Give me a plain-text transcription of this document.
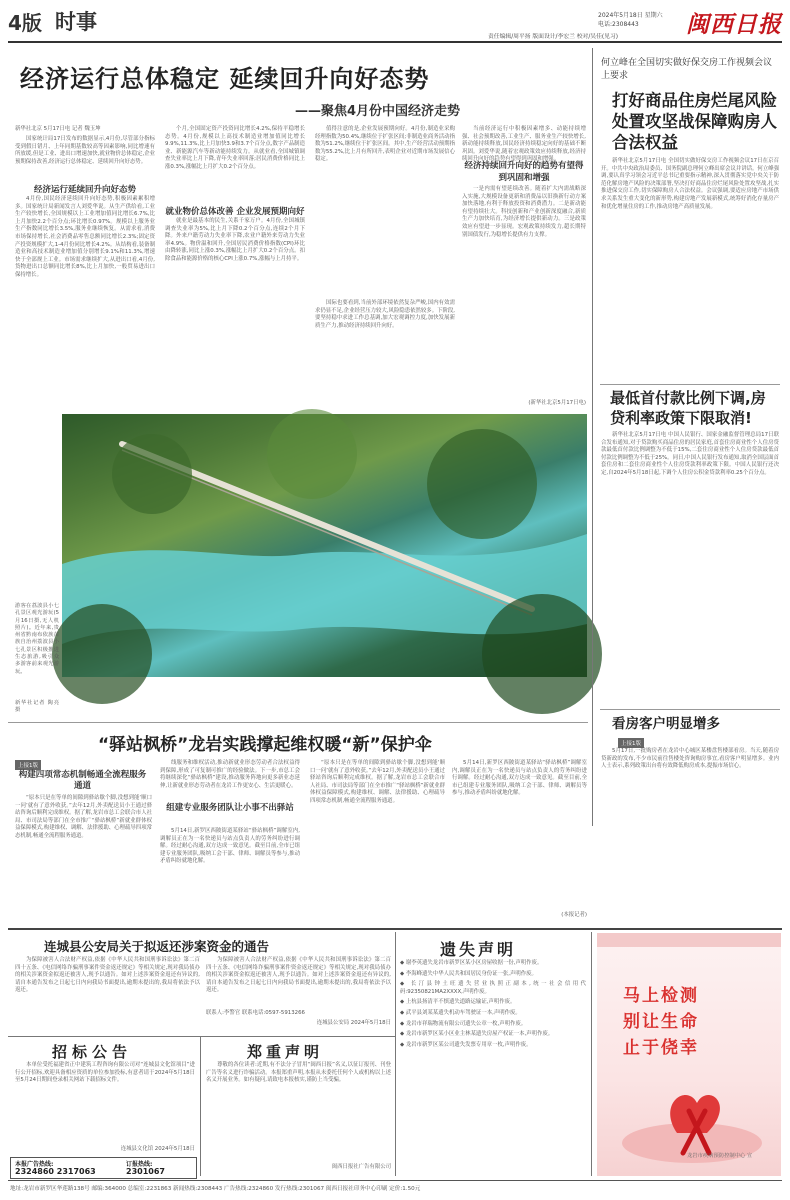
4版 时事	2024年5月18日 星期六
电话:2308443
责任编辑/周平扬 版面设计/李宏兰 校对/吴佳(见习)	闽西日报
经济运行总体稳定 延续回升向好态势
——聚焦4月份中国经济走势
新华社北京 5月17日电 记者 魏玉坤

国家统计局17日发布的数据显示,4月份,尽管部分指标受到假日错月、上年同期基数较高等因素影响,同比增速有所放缓,但是工业、进出口增速加快,就业物价总体稳定,企业预期保持改善,经济运行总体稳定、延续回升向好态势。

经济运行延续回升向好态势

4月份,国民经济延续回升向好态势,积极因素累积增多。国家统计局新闻发言人刘爱华说。从生产供给看,工业生产较快增长,全国规模以上工业增加值同比增长6.7%,比上月加快2.2个百分点;环比增长0.97%。规模以上服务业生产指数同比增长3.5%,服务业继续恢复。从需求看,消费市场保持增长,社会消费品零售总额同比增长2.3%;固定资产投资规模扩大,1-4月份同比增长4.2%。从结构看,装备制造业和高技术制造业增加值分别增长9.1%和11.3%,增速快于全部规上工业。市场需求继续扩大,从进出口看,4月份,货物进出口总额同比增长8%,比上月加快,一般贸易进出口保持增长。

个月,全国固定资产投资同比增长4.2%,保持平稳增长态势。4月份,规模以上高技术制造业增加值同比增长9.9%,11.3%,比上月加快3.9和3.7个百分点,数字产品制造业、新能源汽车等新动能持续发力。从就业看,全国城镇调查失业率比上月下降,青年失业率回落;居民消费价格同比上涨0.3%,涨幅比上月扩大0.2个百分点。

就业物价总体改善 企业发展预期向好

就业是最基本的民生,关系千家万户。4月份,全国城镇调查失业率为5%,比上月下降0.2个百分点,连续2个月下降。外来户籍劳动力失业率下降,农业户籍外来劳动力失业率4.9%。物价温和回升,全国居民消费价格指数(CPI)环比由降转涨,同比上涨0.3%,涨幅比上月扩大0.2个百分点。扣除食品和能源价格的核心CPI上涨0.7%,涨幅与上月持平。

值得注意的是,企业发展预期向好。4月份,制造业采购经理指数为50.4%,继续位于扩张区间;非制造业商务活动指数为51.2%,继续位于扩张区间。其中,生产经营活动预期指数为55.2%,比上月有所回升,表明企业对近期市场发展信心稳定。

国际也要看到,当前外部环境依然复杂严峻,国内有效需求仍显不足,企业经营压力较大,风险隐患依然较多。下阶段,要坚持稳中求进工作总基调,加大宏观调控力度,加快发展新质生产力,推动经济持续回升向好。

当前经济运行中积极因素增多、动能持续增强、社会预期改善,工业生产、服务业生产较快增长,新动能持续释放,国民经济持续稳定向好的基础不断巩固。刘爱华说,随着宏观政策效应持续释放,经济持续回升向好的趋势有望得到巩固和增强。

经济持续回升向好的趋势有望得到巩固和增强

一是内需有望延续改善。随着扩大内需战略深入实施,大规模设备更新和消费品以旧换新行动方案加快落地,有利于释放投资和消费潜力。二是新动能有望持续壮大。科技创新和产业创新深度融合,新质生产力加快培育,为经济增长提供新动力。三是政策效应有望进一步显现。宏观政策持续发力,超长期特别国债发行,为稳增长提供有力支撑。

(新华社北京5月17日电)
游客在荔波县小七孔景区观光游玩(5月16日摄,无人机照片)。近年来,贵州省黔南布依族苗族自治州荔波县小七孔景区积极推进生态旅游,吸引众多游客前来观光游玩。
新华社记者 陶亮 摄
何立峰在全国切实做好保交房工作视频会议上要求
打好商品住房烂尾风险处置攻坚战保障购房人合法权益

新华社北京5月17日电 全国切实做好保交房工作视频会议17日在京召开。中共中央政治局委员、国务院副总理何立峰出席会议并讲话。何立峰强调,要认真学习领会习近平总书记重要指示精神,深入贯彻落实党中央关于防范化解房地产风险的决策部署,坚决打好商品住房烂尾风险处置攻坚战,扎实推进保交房工作,切实保障购房人合法权益。会议强调,要适应房地产市场供求关系发生重大变化的新形势,构建房地产发展新模式,统筹好消化存量房产和优化增量住房的工作,推动房地产高质量发展。

最低首付款比例下调,房贷利率政策下限取消!

新华社北京5月17日电 中国人民银行、国家金融监督管理总局17日联合发布通知,对于贷款购买商品住房的居民家庭,首套住房商业性个人住房贷款最低首付款比例调整为不低于15%,二套住房商业性个人住房贷款最低首付款比例调整为不低于25%。同日,中国人民银行发布通知,取消全国层面首套住房和二套住房商业性个人住房贷款利率政策下限。中国人民银行还决定,自2024年5月18日起,下调个人住房公积金贷款利率0.25个百分点。

看房客户明显增多
上接1版

5月17日,一批购房者在龙岩中心城区某楼盘售楼部看房。当天,随着房贷新政的发布,不少市民前往售楼处咨询购房事宜,看房客户明显增多。业内人士表示,系列政策出台将有效降低购房成本,提振市场信心。

“驿站枫桥”龙岩实践撑起维权暖“新”保护伞
上接1版
构建四项常态机制畅通全流程服务通道

“原本只是在等单的间隙到驿站歇个脚,没想到能‘顺口一问’就有了意外收获。”去年12月,外卖配送员小王通过驿站咨询后顺利完成维权。据了解,龙岩市总工会联合市人社局、市司法局等部门在全市推广“驿站枫桥”新就业群体权益保障模式,构建维权、调解、法律援助、心理疏导四项常态机制,畅通全流程服务通道。

线服务和维权活动,推动新就业形态劳动者合法权益得到保障,形成了可复制可推广的经验做法。下一步,市总工会将继续深化“驿站枫桥”建设,推动服务阵地向更多新业态延伸,让新就业形态劳动者在龙岩工作更安心、生活更暖心。

组建专业服务团队让小事不出驿站

5月14日,新罗区西陂街道某驿站“驿站枫桥”调解室内,调解员正在为一名快递员与站点负责人的劳务纠纷进行调解。经过耐心沟通,双方达成一致意见。截至目前,全市已组建专业服务团队,吸纳工会干部、律师、调解员等参与,推动矛盾纠纷就地化解。

“原本只是在等单的间隙到驿站歇个脚,没想到能‘顺口一问’就有了意外收获。”去年12月,外卖配送员小王通过驿站咨询后顺利完成维权。据了解,龙岩市总工会联合市人社局、市司法局等部门在全市推广“驿站枫桥”新就业群体权益保障模式,构建维权、调解、法律援助、心理疏导四项常态机制,畅通全流程服务通道。

5月14日,新罗区西陂街道某驿站“驿站枫桥”调解室内,调解员正在为一名快递员与站点负责人的劳务纠纷进行调解。经过耐心沟通,双方达成一致意见。截至目前,全市已组建专业服务团队,吸纳工会干部、律师、调解员等参与,推动矛盾纠纷就地化解。

(本报记者)
连城县公安局关于拟返还涉案资金的通告

为保障被害人合法财产权益,依据《中华人民共和国刑事诉讼法》第二百四十五条、《电信网络诈骗刑事案件资金返还规定》等相关规定,现对我局侦办的相关涉案资金拟返还被害人,现予以通告。如对上述涉案资金返还有异议的,请自本通告发布之日起七日内向我局书面提出,逾期未提出的,我局将依法予以返还。

为保障被害人合法财产权益,依据《中华人民共和国刑事诉讼法》第二百四十五条、《电信网络诈骗刑事案件资金返还规定》等相关规定,现对我局侦办的相关涉案资金拟返还被害人,现予以通告。如对上述涉案资金返还有异议的,请自本通告发布之日起七日内向我局书面提出,逾期未提出的,我局将依法予以返还。

联系人:李警官 联系电话:0597-5913266
连城县公安局 2024年5月18日
招标公告

本单位受托福建省正中建筑工程咨询有限公司对“连城县文化馆项目”进行公开招标,欢迎具备相应资质的单位参加投标,有意者请于2024年5月18日至5月24日期间登录相关网站下载招标文件。

连城县文化馆 2024年5月18日
本报广告热线:
2324860 2317063
订报热线:
2301067
郑重声明

尊敬的各位读者:近期,有不法分子冒用“闽西日报”名义,以征订报刊、刊登广告等名义进行诈骗活动。本报郑重声明,本报从未委托任何个人或机构以上述名义开展业务。如有疑问,请致电本报核实,谨防上当受骗。

闽西日报社广告有限公司
遗失声明
◆ 谢李英遗失龙岩市新罗区某小区房屋收据一份,声明作废。
◆ 李海峰遗失中华人民共和国居民身份证一张,声明作废。
◆ 长汀县钟土旺遗失营业执照正副本,统一社会信用代码:92350821MA2XXXX,声明作废。
◆ 上杭县扬清平不慎遗失道路运输证,声明作废。
◆ 武平县刘某某遗失机动车驾驶证一本,声明作废。
◆ 龙岩市祥瑞物流有限公司遗失公章一枚,声明作废。
◆ 龙岩市新罗区某小区业主林某遗失房屋产权证一本,声明作废。
◆ 龙岩市新罗区某公司遗失发票专用章一枚,声明作废。
马上检测
别让生命
止于侥幸
龙岩市疾病预防控制中心 宣
地址:龙岩市新罗区华莲路138号 邮编:364000 总编室:2231863 新闻热线:2308443 广告热线:2324860 发行热线:2301067 闽西日报社印务中心印刷 定价:1.50元
